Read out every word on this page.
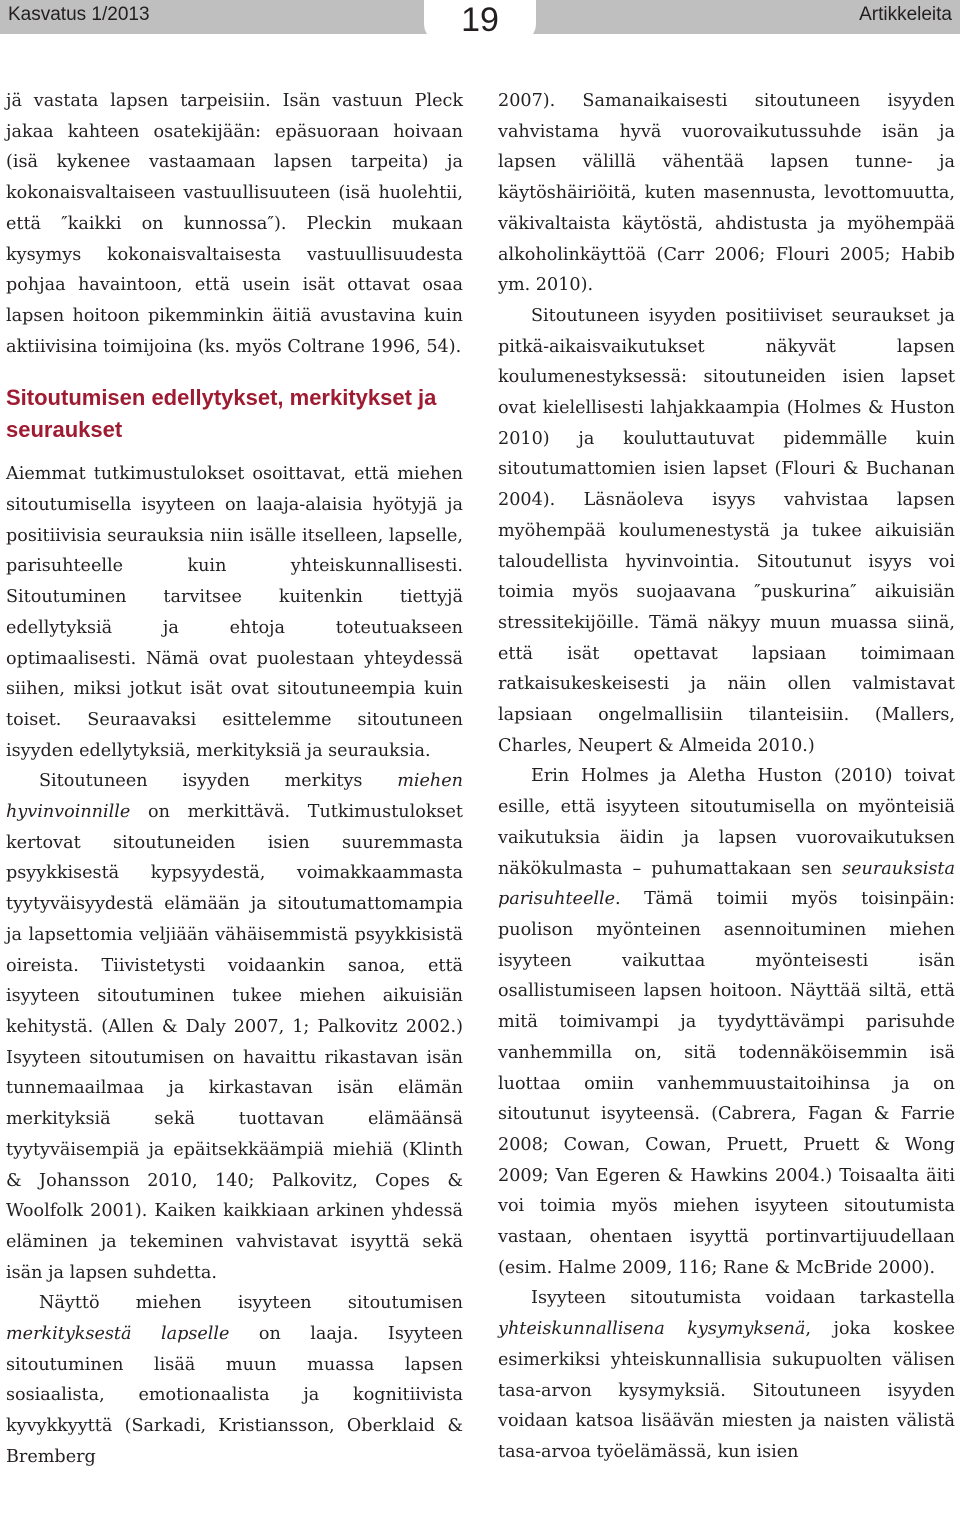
Kasvatus 1/2013	Artikkeleita
19

jä vastata lapsen tarpeisiin. Isän vastuun Pleck jakaa kahteen osatekijään: epäsuoraan hoivaan (isä kykenee vastaamaan lapsen tarpeita) ja kokonaisvaltaiseen vastuullisuuteen (isä huolehtii, että ″kaikki on kunnossa″). Pleckin mukaan kysymys kokonaisvaltaisesta vastuullisuudesta pohjaa havaintoon, että usein isät ottavat osaa lapsen hoitoon pikemminkin äitiä avustavina kuin aktiivisina toimijoina (ks. myös Coltrane 1996, 54).

Sitoutumisen edellytykset, merkitykset ja seuraukset

Aiemmat tutkimustulokset osoittavat, että miehen sitoutumisella isyyteen on laaja-alaisia hyötyjä ja positiivisia seurauksia niin isälle itselleen, lapselle, parisuhteelle kuin yhteiskunnallisesti. Sitoutuminen tarvitsee kuitenkin tiettyjä edellytyksiä ja ehtoja toteutuakseen optimaalisesti. Nämä ovat puolestaan yhteydessä siihen, miksi jotkut isät ovat sitoutuneempia kuin toiset. Seuraavaksi esittelemme sitoutuneen isyyden edellytyksiä, merkityksiä ja seurauksia.

Sitoutuneen isyyden merkitys miehen hyvinvoinnille on merkittävä. Tutkimustulokset kertovat sitoutuneiden isien suuremmasta psyykkisestä kypsyydestä, voimakkaammasta tyytyväisyydestä elämään ja sitoutumattomampia ja lapsettomia veljiään vähäisemmistä psyykkisistä oireista. Tiivistetysti voidaankin sanoa, että isyyteen sitoutuminen tukee miehen aikuisiän kehitystä. (Allen & Daly 2007, 1; Palkovitz 2002.) Isyyteen sitoutumisen on havaittu rikastavan isän tunnemaailmaa ja kirkastavan isän elämän merkityksiä sekä tuottavan elämäänsä tyytyväisempiä ja epäitsekkäämpiä miehiä (Klinth & Johansson 2010, 140; Palkovitz, Copes & Woolfolk 2001). Kaiken kaikkiaan arkinen yhdessä eläminen ja tekeminen vahvistavat isyyttä sekä isän ja lapsen suhdetta.

Näyttö miehen isyyteen sitoutumisen merkityksestä lapselle on laaja. Isyyteen sitoutuminen lisää muun muassa lapsen sosiaalista, emotionaalista ja kognitiivista kyvykkyyttä (Sarkadi, Kristiansson, Oberklaid & Bremberg

2007). Samanaikaisesti sitoutuneen isyyden vahvistama hyvä vuorovaikutussuhde isän ja lapsen välillä vähentää lapsen tunne- ja käytöshäiriöitä, kuten masennusta, levottomuutta, väkivaltaista käytöstä, ahdistusta ja myöhempää alkoholinkäyttöä (Carr 2006; Flouri 2005; Habib ym. 2010).

Sitoutuneen isyyden positiiviset seuraukset ja pitkä-aikaisvaikutukset näkyvät lapsen koulumenestyksessä: sitoutuneiden isien lapset ovat kielellisesti lahjakkaampia (Holmes & Huston 2010) ja kouluttautuvat pidemmälle kuin sitoutumattomien isien lapset (Flouri & Buchanan 2004). Läsnäoleva isyys vahvistaa lapsen myöhempää koulumenestystä ja tukee aikuisiän taloudellista hyvinvointia. Sitoutunut isyys voi toimia myös suojaavana ″puskurina″ aikuisiän stressitekijöille. Tämä näkyy muun muassa siinä, että isät opettavat lapsiaan toimimaan ratkaisukeskeisesti ja näin ollen valmistavat lapsiaan ongelmallisiin tilanteisiin. (Mallers, Charles, Neupert & Almeida 2010.)

Erin Holmes ja Aletha Huston (2010) toivat esille, että isyyteen sitoutumisella on myönteisiä vaikutuksia äidin ja lapsen vuorovaikutuksen näkökulmasta – puhumattakaan sen seurauksista parisuhteelle. Tämä toimii myös toisinpäin: puolison myönteinen asennoituminen miehen isyyteen vaikuttaa myönteisesti isän osallistumiseen lapsen hoitoon. Näyttää siltä, että mitä toimivampi ja tyydyttävämpi parisuhde vanhemmilla on, sitä todennäköisemmin isä luottaa omiin vanhemmuustaitoihinsa ja on sitoutunut isyyteensä. (Cabrera, Fagan & Farrie 2008; Cowan, Cowan, Pruett, Pruett & Wong 2009; Van Egeren & Hawkins 2004.) Toisaalta äiti voi toimia myös miehen isyyteen sitoutumista vastaan, ohentaen isyyttä portinvartijuudellaan (esim. Halme 2009, 116; Rane & McBride 2000).

Isyyteen sitoutumista voidaan tarkastella yhteiskunnallisena kysymyksenä, joka koskee esimerkiksi yhteiskunnallisia sukupuolten välisen tasa-arvon kysymyksiä. Sitoutuneen isyyden voidaan katsoa lisäävän miesten ja naisten välistä tasa-arvoa työelämässä, kun isien
